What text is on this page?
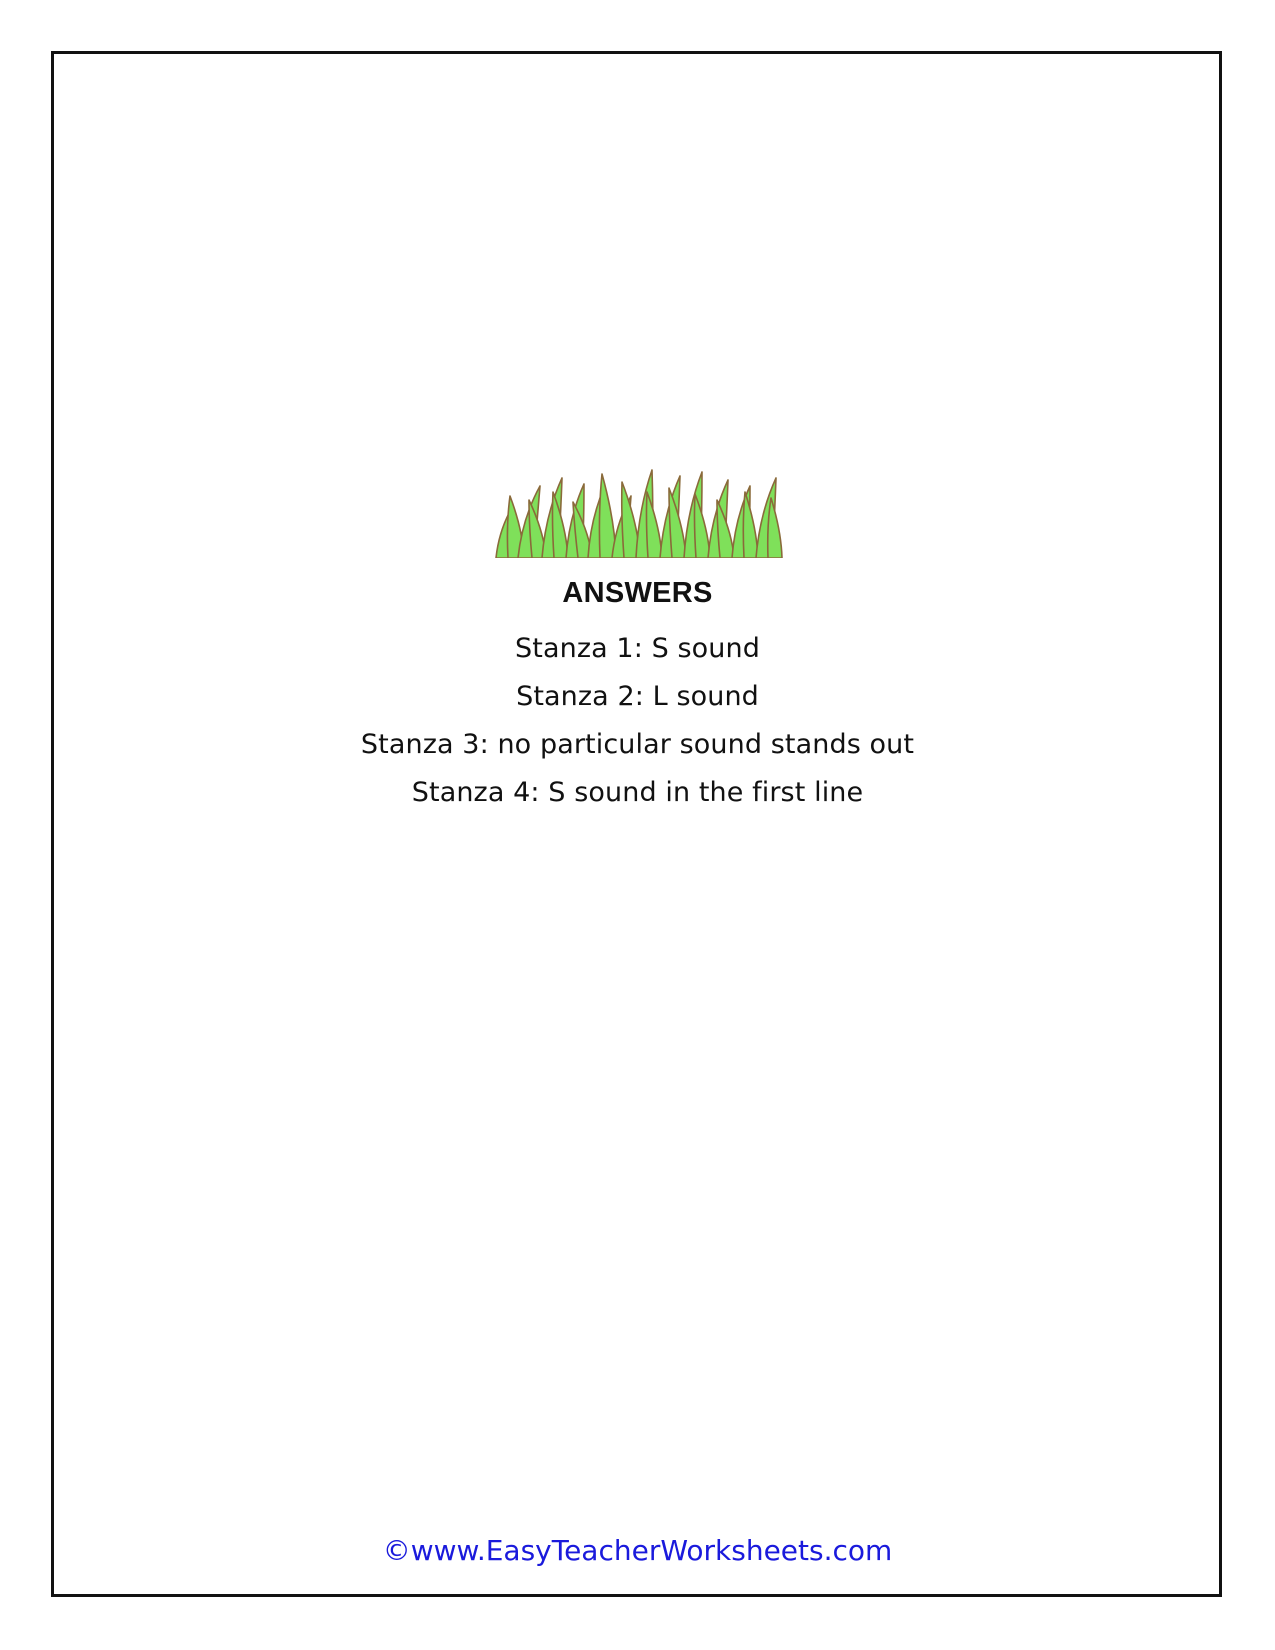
ANSWERS
Stanza 1: S sound
Stanza 2: L sound
Stanza 3: no particular sound stands out
Stanza 4: S sound in the first line
©www.EasyTeacherWorksheets.com
